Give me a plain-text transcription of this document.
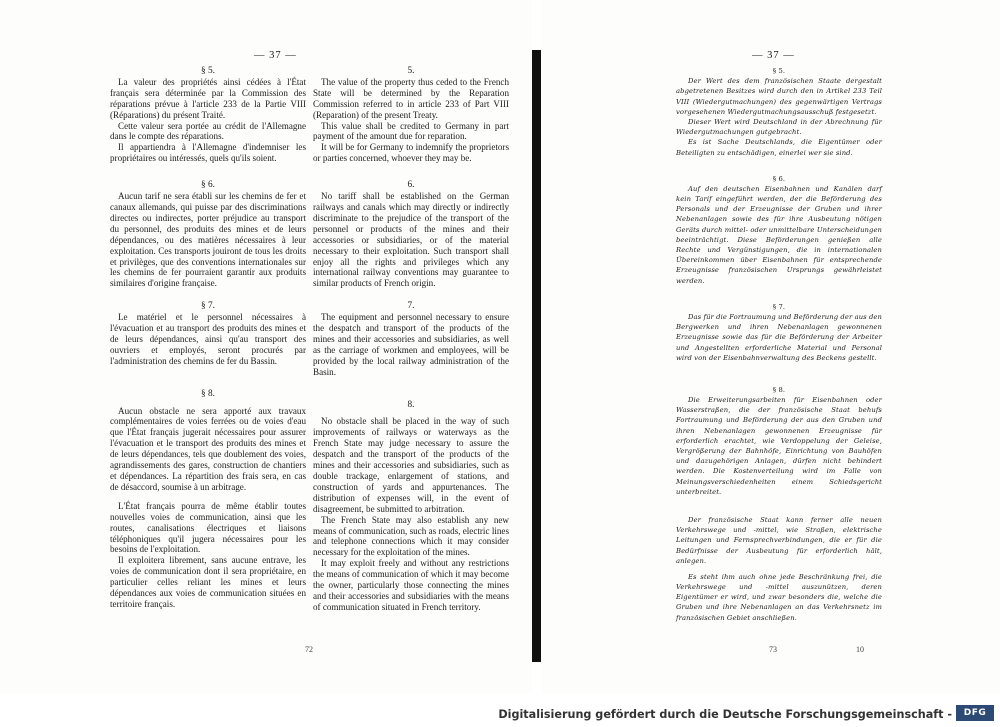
— 37 —
§ 5.

La valeur des propriétés ainsi cédées à l'État français sera déterminée par la Commission des réparations prévue à l'article 233 de la Partie VIII (Réparations) du présent Traité.

Cette valeur sera portée au crédit de l'Allemagne dans le compte des réparations.

Il appartiendra à l'Allemagne d'indemniser les propriétaires ou intéressés, quels qu'ils soient.

§ 6.

Aucun tarif ne sera établi sur les chemins de fer et canaux allemands, qui puisse par des discriminations directes ou indirectes, porter préjudice au transport du personnel, des produits des mines et de leurs dépendances, ou des matières nécessaires à leur exploitation. Ces transports jouiront de tous les droits et privilèges, que des conventions internationales sur les chemins de fer pourraient garantir aux produits similaires d'origine française.

§ 7.

Le matériel et le personnel nécessaires à l'évacuation et au transport des produits des mines et de leurs dépendances, ainsi qu'au transport des ouvriers et employés, seront procurés par l'administration des chemins de fer du Bassin.

§ 8.

Aucun obstacle ne sera apporté aux travaux complémentaires de voies ferrées ou de voies d'eau que l'État français jugerait nécessaires pour assurer l'évacuation et le transport des produits des mines et de leurs dépendances, tels que doublement des voies, agrandissements des gares, construction de chantiers et dépendances. La répartition des frais sera, en cas de désaccord, soumise à un arbitrage.

L'État français pourra de même établir toutes nouvelles voies de communication, ainsi que les routes, canalisations électriques et liaisons téléphoniques qu'il jugera nécessaires pour les besoins de l'exploitation.

Il exploitera librement, sans aucune entrave, les voies de communication dont il sera propriétaire, en particulier celles reliant les mines et leurs dépendances aux voies de communication situées en territoire français.

5.

The value of the property thus ceded to the French State will be determined by the Reparation Commission referred to in article 233 of Part VIII (Reparation) of the present Treaty.

This value shall be credited to Germany in part payment of the amount due for reparation.

It will be for Germany to indemnify the proprietors or parties concerned, whoever they may be.

6.

No tariff shall be established on the German railways and canals which may directly or indirectly discriminate to the prejudice of the transport of the personnel or products of the mines and their accessories or subsidiaries, or of the material necessary to their exploitation. Such transport shall enjoy all the rights and privileges which any international railway conventions may guarantee to similar products of French origin.

7.

The equipment and personnel necessary to ensure the despatch and transport of the products of the mines and their accessories and subsidiaries, as well as the carriage of workmen and employees, will be provided by the local railway administration of the Basin.

8.

No obstacle shall be placed in the way of such improvements of railways or waterways as the French State may judge necessary to assure the despatch and the transport of the products of the mines and their accessories and subsidiaries, such as double trackage, enlargement of stations, and construction of yards and appurtenances. The distribution of expenses will, in the event of disagreement, be submitted to arbitration.

The French State may also establish any new means of communication, such as roads, electric lines and telephone connections which it may consider necessary for the exploitation of the mines.

It may exploit freely and without any restrictions the means of communication of which it may become the owner, particularly those connecting the mines and their accessories and subsidiaries with the means of communication situated in French territory.

72
— 37 —
§ 5.

Der Wert des dem französischen Staate dergestalt abgetretenen Besitzes wird durch den in Artikel 233 Teil VIII (Wiedergutmachungen) des gegenwärtigen Vertrags vorgesehenen Wiedergutmachungsausschuß festgesetzt.

Dieser Wert wird Deutschland in der Abrechnung für Wiedergutmachungen gutgebracht.

Es ist Sache Deutschlands, die Eigentümer oder Beteiligten zu entschädigen, einerlei wer sie sind.

§ 6.

Auf den deutschen Eisenbahnen und Kanälen darf kein Tarif eingeführt werden, der die Beförderung des Personals und der Erzeugnisse der Gruben und ihrer Nebenanlagen sowie des für ihre Ausbeutung nötigen Geräts durch mittel- oder unmittelbare Unterscheidungen beeinträchtigt. Diese Beförderungen genießen alle Rechte und Vergünstigungen, die in internationalen Übereinkommen über Eisenbahnen für entsprechende Erzeugnisse französischen Ursprungs gewährleistet werden.

§ 7.

Das für die Fortraumung und Beförderung der aus den Bergwerken und ihren Nebenanlagen gewonnenen Erzeugnisse sowie das für die Beförderung der Arbeiter und Angestellten erforderliche Material und Personal wird von der Eisenbahnverwaltung des Beckens gestellt.

§ 8.

Die Erweiterungsarbeiten für Eisenbahnen oder Wasserstraßen, die der französische Staat behufs Fortraumung und Beförderung der aus den Gruben und ihren Nebenanlagen gewonnenen Erzeugnisse für erforderlich erachtet, wie Verdoppelung der Geleise, Vergrößerung der Bahnhöfe, Einrichtung von Bauhöfen und dazugehörigen Anlagen, dürfen nicht behindert werden. Die Kostenverteilung wird im Falle von Meinungsverschiedenheiten einem Schiedsgericht unterbreitet.

Der französische Staat kann ferner alle neuen Verkehrswege und -mittel, wie Straßen, elektrische Leitungen und Fernsprechverbindungen, die er für die Bedürfnisse der Ausbeutung für erforderlich hält, anlegen.

Es steht ihm auch ohne jede Beschränkung frei, die Verkehrswege und -mittel auszunützen, deren Eigentümer er wird, und zwar besonders die, welche die Gruben und ihre Nebenanlagen an das Verkehrsnetz im französischen Gebiet anschließen.

73	10
Digitalisierung gefördert durch die Deutsche Forschungsgemeinschaft -	DFG
